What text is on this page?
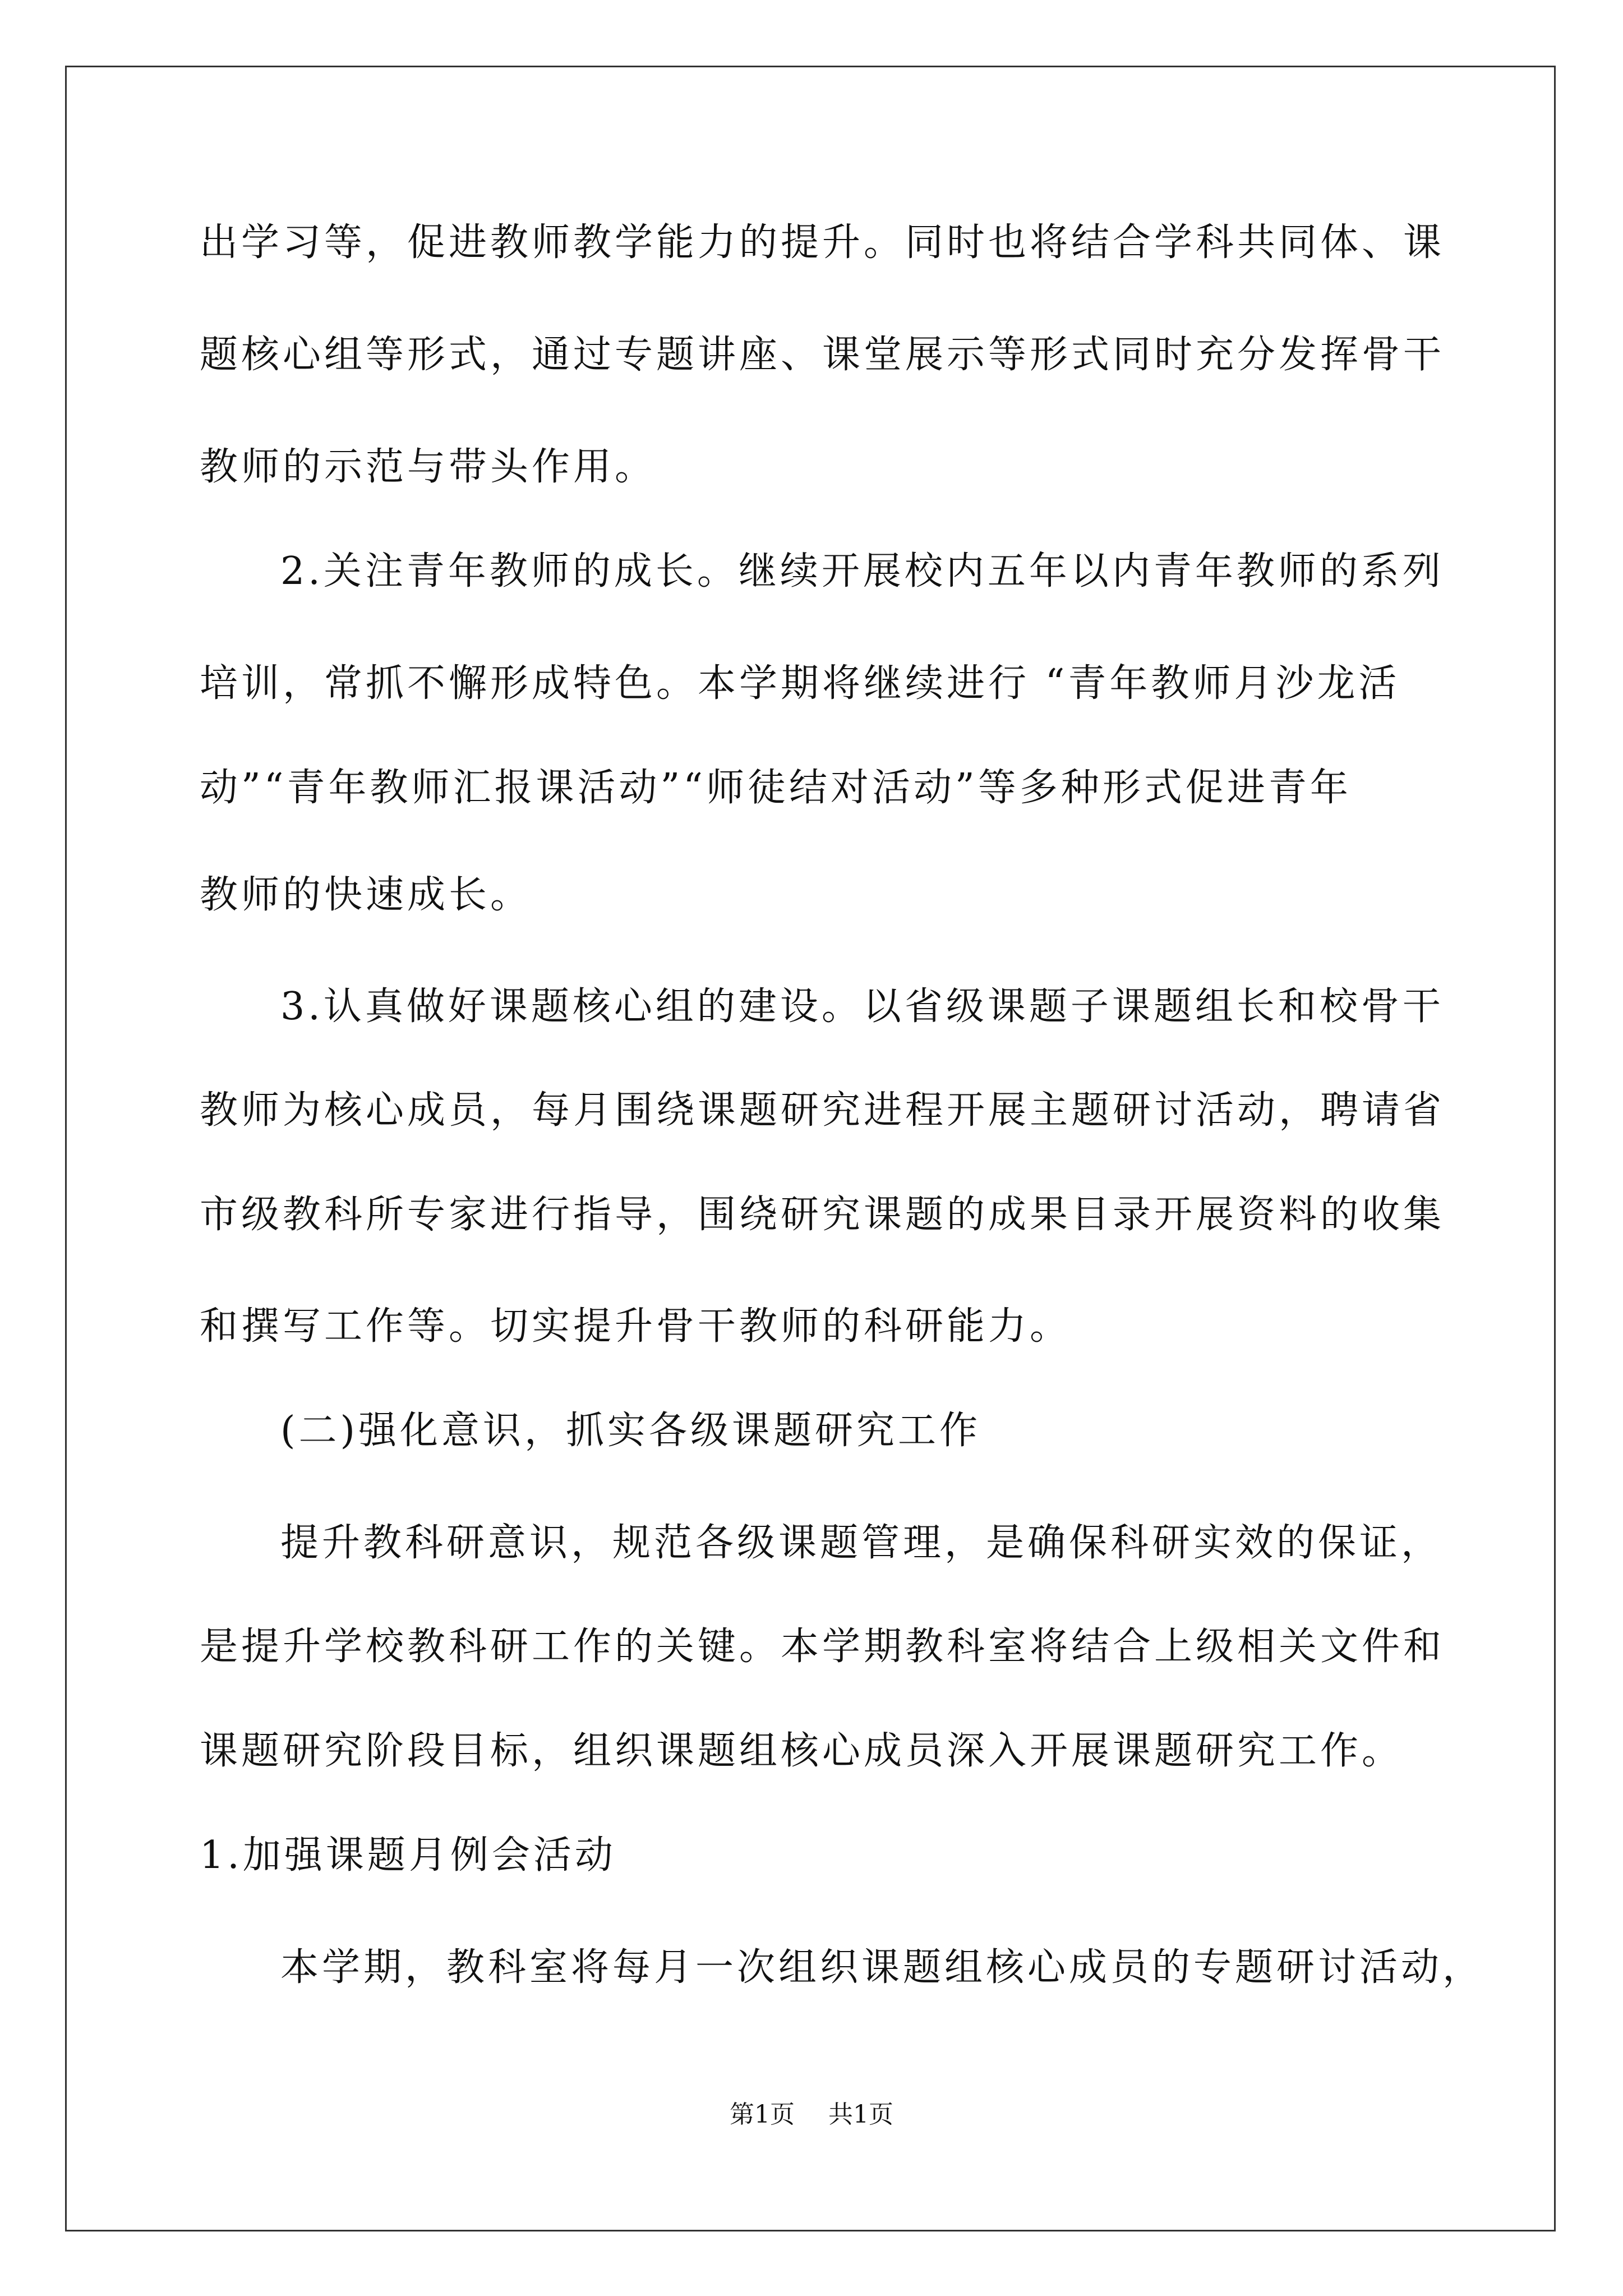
出学习等，促进教师教学能力的提升。同时也将结合学科共同体、课
题核心组等形式，通过专题讲座、课堂展示等形式同时充分发挥骨干
教师的示范与带头作用。
2.关注青年教师的成长。继续开展校内五年以内青年教师的系列
培训，常抓不懈形成特色。本学期将继续进行 “青年教师月沙龙活
动”“青年教师汇报课活动”“师徒结对活动”等多种形式促进青年
教师的快速成长。
3.认真做好课题核心组的建设。以省级课题子课题组长和校骨干
教师为核心成员，每月围绕课题研究进程开展主题研讨活动，聘请省
市级教科所专家进行指导，围绕研究课题的成果目录开展资料的收集
和撰写工作等。切实提升骨干教师的科研能力。
(二)强化意识，抓实各级课题研究工作
提升教科研意识，规范各级课题管理，是确保科研实效的保证，
是提升学校教科研工作的关键。本学期教科室将结合上级相关文件和
课题研究阶段目标，组织课题组核心成员深入开展课题研究工作。
1.加强课题月例会活动
本学期，教科室将每月一次组织课题组核心成员的专题研讨活动，
第1页 共1页
